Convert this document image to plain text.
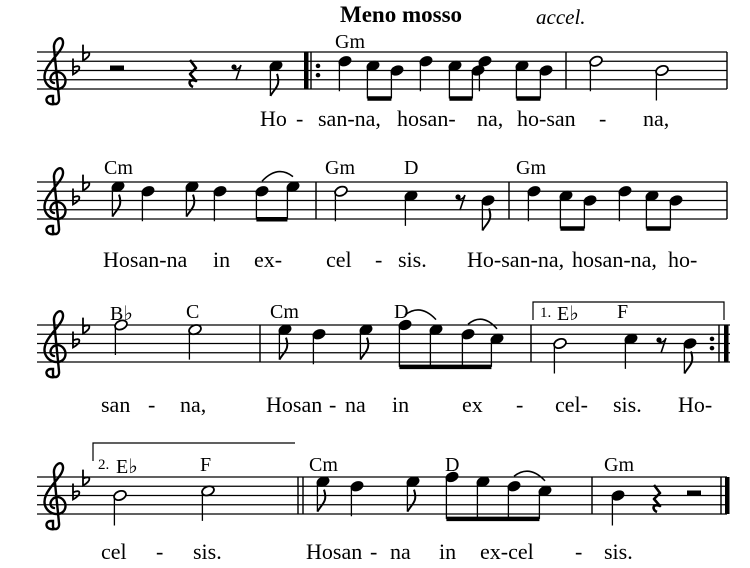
Meno mosso	accel.
Gm
Cm	Gm D	Gm
B♭	C	Cm	D	1. E♭ F
2. E♭	F	Cm	D	Gm
Ho - san-na, hosan- na, ho-san - na,
Hosan-na in ex- cel - sis. Ho-san-na, hosan-na, ho-
san - na,	Hosan - na in ex - cel- sis. Ho-
cel - sis.	Hosan - na in ex-cel - sis.
